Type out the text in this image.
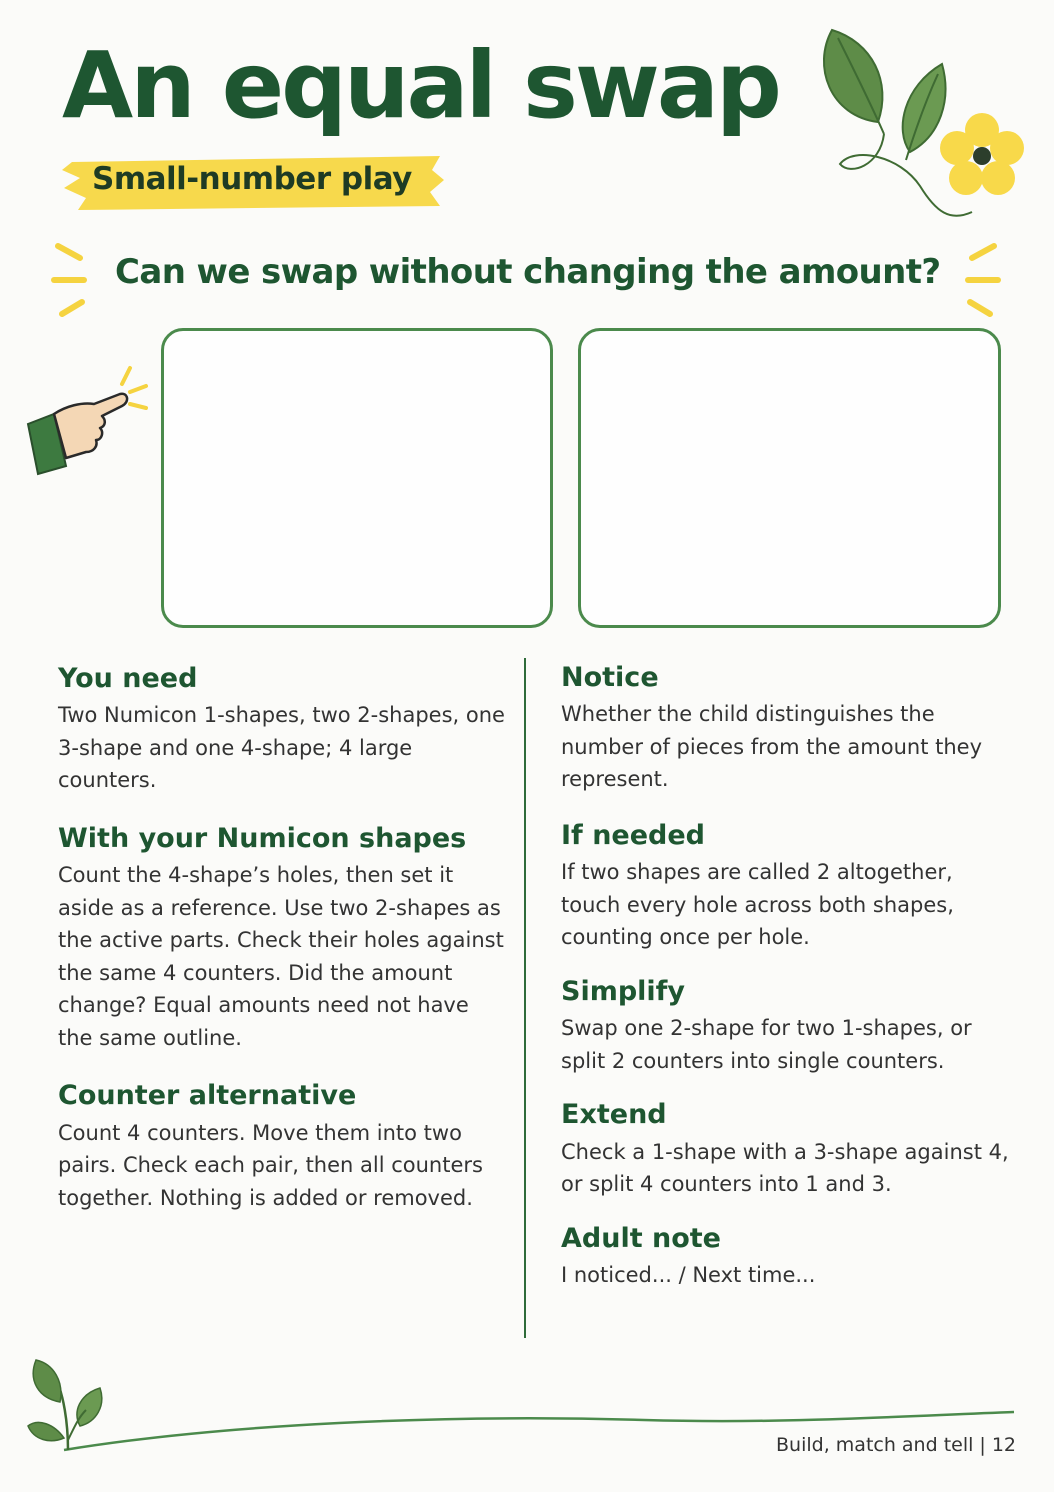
An equal swap
Small-number play
Can we swap without changing the amount?
You need

Two Numicon 1-shapes, two 2-shapes, one 3-shape and one 4-shape; 4 large counters.

With your Numicon shapes

Count the 4-shape’s holes, then set it aside as a reference. Use two 2-shapes as the active parts. Check their holes against the same 4 counters. Did the amount change? Equal amounts need not have the same outline.

Counter alternative

Count 4 counters. Move them into two pairs. Check each pair, then all counters together. Nothing is added or removed.

Notice

Whether the child distinguishes the number of pieces from the amount they represent.

If needed

If two shapes are called 2 altogether, touch every hole across both shapes, counting once per hole.

Simplify

Swap one 2-shape for two 1-shapes, or split 2 counters into single counters.

Extend

Check a 1-shape with a 3-shape against 4, or split 4 counters into 1 and 3.

Adult note

I noticed... / Next time...

Build, match and tell | 12
